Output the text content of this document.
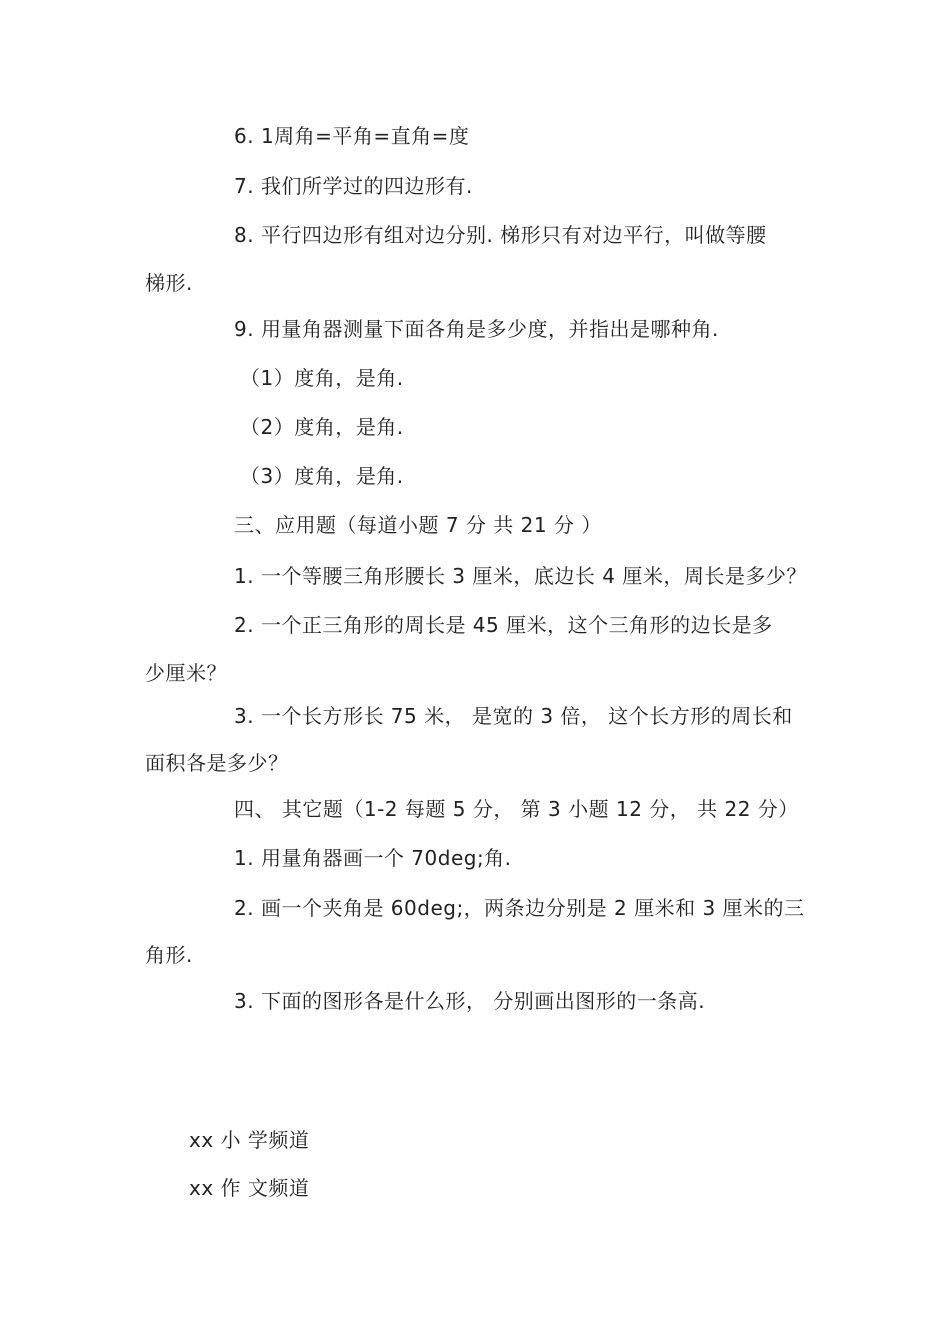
6. 1周角=平角=直角=度
7. 我们所学过的四边形有.
8. 平行四边形有组对边分别. 梯形只有对边平行，叫做等腰
梯形.
9. 用量角器测量下面各角是多少度，并指出是哪种角.
（1）度角，是角.
（2）度角，是角.
（3）度角，是角.
三、应用题（每道小题 7 分 共 21 分 ）
1. 一个等腰三角形腰长 3 厘米，底边长 4 厘米，周长是多少？
2. 一个正三角形的周长是 45 厘米，这个三角形的边长是多
少厘米？
3. 一个长方形长 75 米， 是宽的 3 倍， 这个长方形的周长和
面积各是多少？
四、 其它题（1-2 每题 5 分， 第 3 小题 12 分， 共 22 分）
1. 用量角器画一个 70deg;角.
2. 画一个夹角是 60deg;，两条边分别是 2 厘米和 3 厘米的三
角形.
3. 下面的图形各是什么形， 分别画出图形的一条高.
xx 小 学频道
xx 作 文频道
